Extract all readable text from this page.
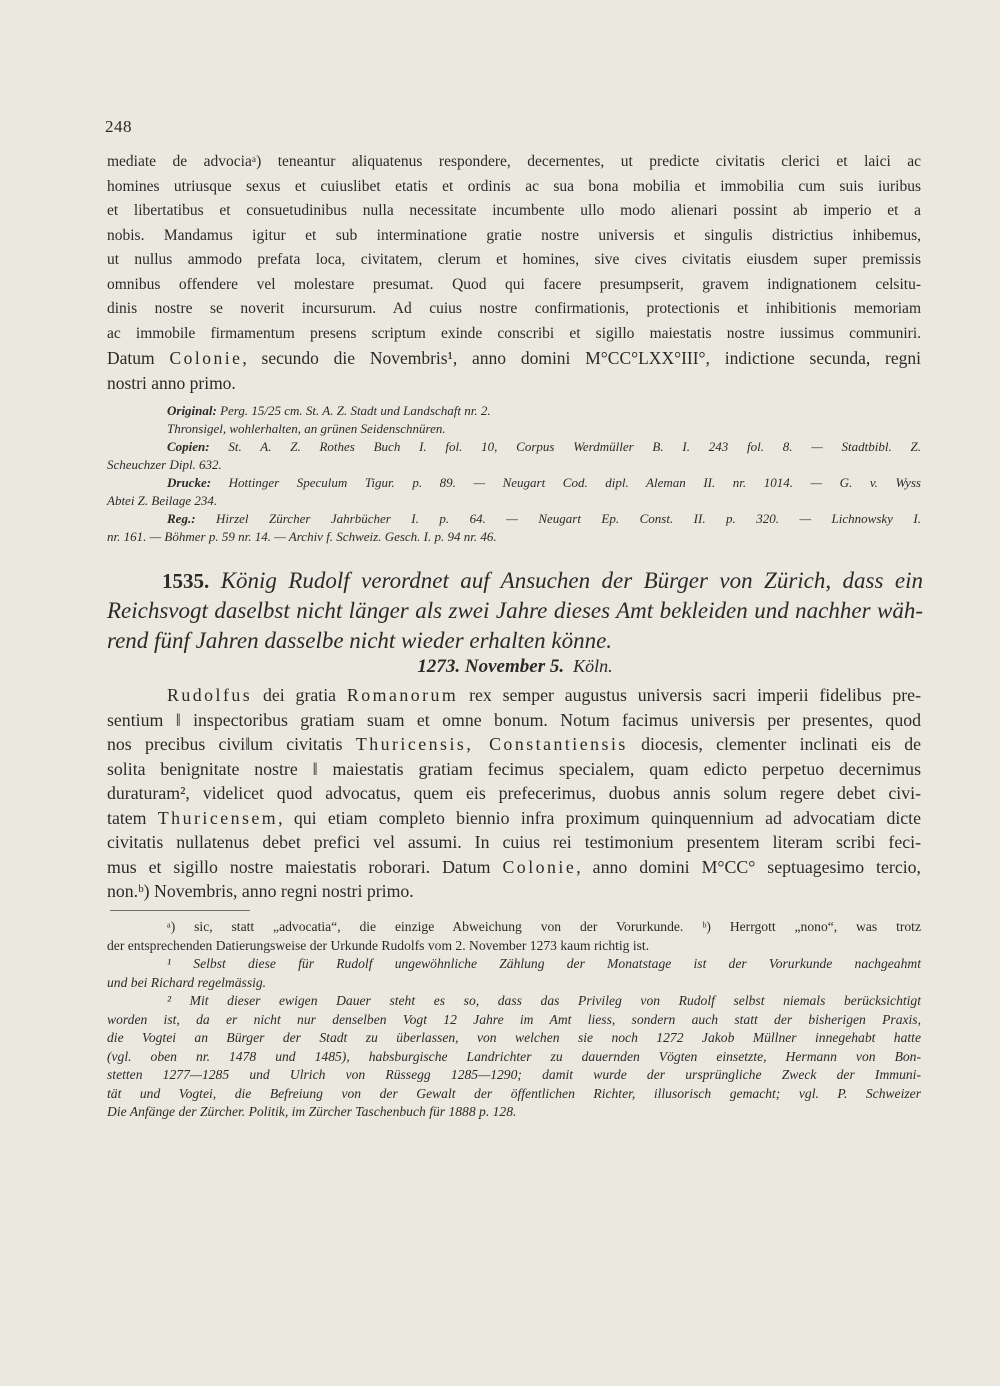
248
mediate de advociaᵃ) teneantur aliquatenus respondere, decernentes, ut predicte civitatis clerici et laici ac
homines utriusque sexus et cuiuslibet etatis et ordinis ac sua bona mobilia et immobilia cum suis iuribus
et libertatibus et consuetudinibus nulla necessitate incumbente ullo modo alienari possint ab imperio et a
nobis. Mandamus igitur et sub interminatione gratie nostre universis et singulis districtius inhibemus,
ut nullus ammodo prefata loca, civitatem, clerum et homines, sive cives civitatis eiusdem super premissis
omnibus offendere vel molestare presumat. Quod qui facere presumpserit, gravem indignationem celsitu-
dinis nostre se noverit incursurum. Ad cuius nostre confirmationis, protectionis et inhibitionis memoriam
ac immobile firmamentum presens scriptum exinde conscribi et sigillo maiestatis nostre iussimus communiri.
Datum Colonie, secundo die Novembris¹, anno domini M°CC°LXX°III°, indictione secunda, regni
nostri anno primo.
Original: Perg. 15/25 cm. St. A. Z. Stadt und Landschaft nr. 2.
Thronsigel, wohlerhalten, an grünen Seidenschnüren.
Copien: St. A. Z. Rothes Buch I. fol. 10, Corpus Werdmüller B. I. 243 fol. 8. — Stadtbibl. Z.
Scheuchzer Dipl. 632.
Drucke: Hottinger Speculum Tigur. p. 89. — Neugart Cod. dipl. Aleman II. nr. 1014. — G. v. Wyss
Abtei Z. Beilage 234.
Reg.: Hirzel Zürcher Jahrbücher I. p. 64. — Neugart Ep. Const. II. p. 320. — Lichnowsky I.
nr. 161. — Böhmer p. 59 nr. 14. — Archiv f. Schweiz. Gesch. I. p. 94 nr. 46.
1535. König Rudolf verordnet auf Ansuchen der Bürger von Zürich, dass ein
Reichsvogt daselbst nicht länger als zwei Jahre dieses Amt bekleiden und nachher wäh-
rend fünf Jahren dasselbe nicht wieder erhalten könne.
1273. November 5. Köln.
Rudolfus dei gratia Romanorum rex semper augustus universis sacri imperii fidelibus pre-
sentium ‖ inspectoribus gratiam suam et omne bonum. Notum facimus universis per presentes, quod
nos precibus civi‖um civitatis Thuricensis, Constantiensis diocesis, clementer inclinati eis de
solita benignitate nostre ‖ maiestatis gratiam fecimus specialem, quam edicto perpetuo decernimus
duraturam², videlicet quod advocatus, quem eis prefecerimus, duobus annis solum regere debet civi-
tatem Thuricensem, qui etiam completo biennio infra proximum quinquennium ad advocatiam dicte
civitatis nullatenus debet prefici vel assumi. In cuius rei testimonium presentem literam scribi feci-
mus et sigillo nostre maiestatis roborari. Datum Colonie, anno domini M°CC° septuagesimo tercio,
non.ᵇ) Novembris, anno regni nostri primo.
ᵃ) sic, statt „advocatia“, die einzige Abweichung von der Vorurkunde. ᵇ) Herrgott „nono“, was trotz
der entsprechenden Datierungsweise der Urkunde Rudolfs vom 2. November 1273 kaum richtig ist.
¹ Selbst diese für Rudolf ungewöhnliche Zählung der Monatstage ist der Vorurkunde nachgeahmt
und bei Richard regelmässig.
² Mit dieser ewigen Dauer steht es so, dass das Privileg von Rudolf selbst niemals berücksichtigt
worden ist, da er nicht nur denselben Vogt 12 Jahre im Amt liess, sondern auch statt der bisherigen Praxis,
die Vogtei an Bürger der Stadt zu überlassen, von welchen sie noch 1272 Jakob Müllner innegehabt hatte
(vgl. oben nr. 1478 und 1485), habsburgische Landrichter zu dauernden Vögten einsetzte, Hermann von Bon-
stetten 1277—1285 und Ulrich von Rüssegg 1285—1290; damit wurde der ursprüngliche Zweck der Immuni-
tät und Vogtei, die Befreiung von der Gewalt der öffentlichen Richter, illusorisch gemacht; vgl. P. Schweizer
Die Anfänge der Zürcher. Politik, im Zürcher Taschenbuch für 1888 p. 128.
